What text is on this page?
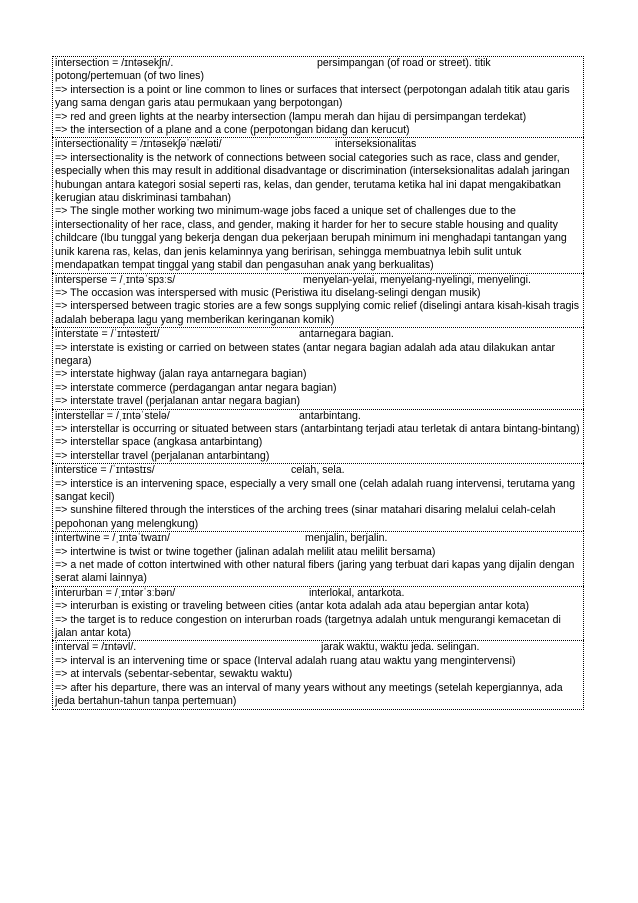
intersection = /ɪntəsekʃn/.	persimpangan (of road or street). titik
potong/pertemuan (of two lines)
=> intersection is a point or line common to lines or surfaces that intersect (perpotongan adalah titik atau garis yang sama dengan garis atau permukaan yang berpotongan)
=> red and green lights at the nearby intersection (lampu merah dan hijau di persimpangan terdekat)
=> the intersection of a plane and a cone (perpotongan bidang dan kerucut)
intersectionality = /ɪntəsekʃəˈnæləti/	interseksionalitas
=> intersectionality is the network of connections between social categories such as race, class and gender, especially when this may result in additional disadvantage or discrimination (interseksionalitas adalah jaringan hubungan antara kategori sosial seperti ras, kelas, dan gender, terutama ketika hal ini dapat mengakibatkan kerugian atau diskriminasi tambahan)
=> The single mother working two minimum-wage jobs faced a unique set of challenges due to the intersectionality of her race, class, and gender, making it harder for her to secure stable housing and quality childcare (Ibu tunggal yang bekerja dengan dua pekerjaan berupah minimum ini menghadapi tantangan yang unik karena ras, kelas, dan jenis kelaminnya yang beririsan, sehingga membuatnya lebih sulit untuk mendapatkan tempat tinggal yang stabil dan pengasuhan anak yang berkualitas)
intersperse = /ˌɪntəˈspɜːs/	menyelan-yelai, menyelang-nyelingi, menyelingi.
=> The occasion was interspersed with music (Peristiwa itu diselang-selingi dengan musik)
=> interspersed between tragic stories are a few songs supplying comic relief (diselingi antara kisah-kisah tragis adalah beberapa lagu yang memberikan keringanan komik)
interstate = /ˈɪntəsteɪt/	antarnegara bagian.
=> interstate is existing or carried on between states (antar negara bagian adalah ada atau dilakukan antar negara)
=> interstate highway (jalan raya antarnegara bagian)
=> interstate commerce (perdagangan antar negara bagian)
=> interstate travel (perjalanan antar negara bagian)
interstellar = /ˌɪntəˈstelə/	antarbintang.
=> interstellar is occurring or situated between stars (antarbintang terjadi atau terletak di antara bintang-bintang)
=> interstellar space (angkasa antarbintang)
=> interstellar travel (perjalanan antarbintang)
interstice = /ˈɪntəstɪs/	celah, sela.
=> interstice is an intervening space, especially a very small one (celah adalah ruang intervensi, terutama yang sangat kecil)
=> sunshine filtered through the interstices of the arching trees (sinar matahari disaring melalui celah-celah pepohonan yang melengkung)
intertwine = /ˌɪntəˈtwaɪn/	menjalin, berjalin.
=> intertwine is twist or twine together (jalinan adalah melilit atau melilit bersama)
=> a net made of cotton intertwined with other natural fibers (jaring yang terbuat dari kapas yang dijalin dengan serat alami lainnya)
interurban = /ˌɪntərˈɜːbən/	interlokal, antarkota.
=> interurban is existing or traveling between cities (antar kota adalah ada atau bepergian antar kota)
=> the target is to reduce congestion on interurban roads (targetnya adalah untuk mengurangi kemacetan di jalan antar kota)
interval = /ɪntəvl/.	jarak waktu, waktu jeda. selingan.
=> interval is an intervening time or space (Interval adalah ruang atau waktu yang mengintervensi)
=> at intervals (sebentar-sebentar, sewaktu waktu)
=> after his departure, there was an interval of many years without any meetings (setelah kepergiannya, ada jeda bertahun-tahun tanpa pertemuan)
